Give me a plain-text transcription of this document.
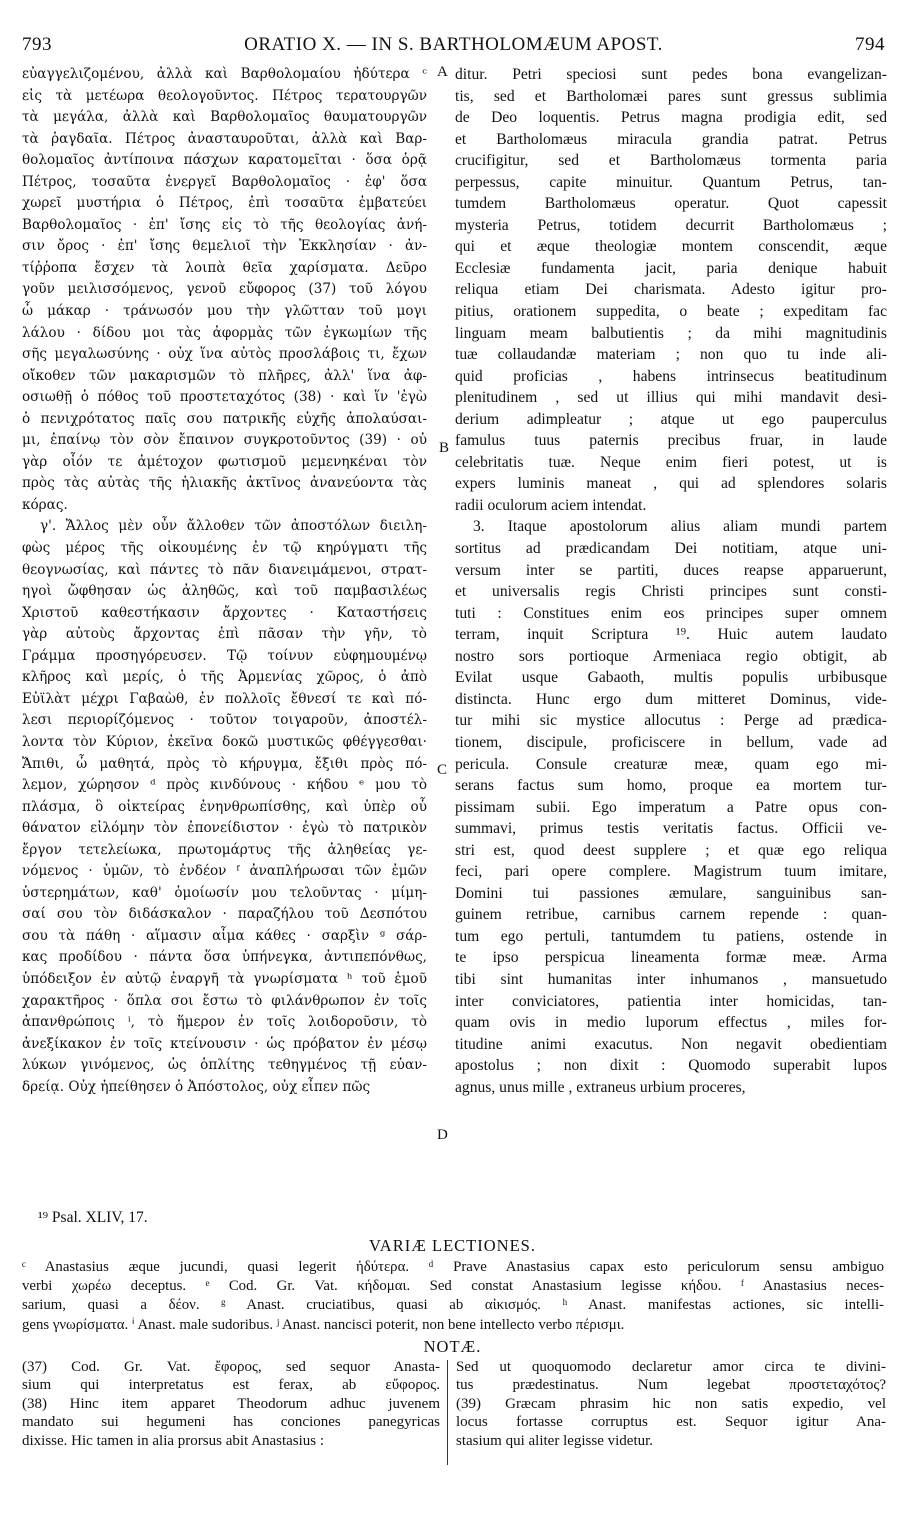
793	ORATIO X. — IN S. BARTHOLOMÆUM APOST.	794
εὐαγγελιζομένου, ἀλλὰ καὶ Βαρθολομαίου ἠδύτερα ᶜ
εἰς τὰ μετέωρα θεολογοῦντος. Πέτρος τερατουργῶν
τὰ μεγάλα, ἀλλὰ καὶ Βαρθολομαῖος θαυματουργῶν
τὰ ῥαγδαῖα. Πέτρος ἀνασταυροῦται, ἀλλὰ καὶ Βαρ-
θολομαῖος ἀντίποινα πάσχων καρατομεῖται · ὅσα ὁρᾷ
Πέτρος, τοσαῦτα ἐνεργεῖ Βαρθολομαῖος · ἐφ' ὅσα
χωρεῖ μυστήρια ὁ Πέτρος, ἐπὶ τοσαῦτα ἐμβατεύει
Βαρθολομαῖος · ἐπ' ἴσης εἰς τὸ τῆς θεολογίας ἀνή-
σιν ὄρος · ἐπ' ἴσης θεμελιοῖ τὴν Ἐκκλησίαν · ἀν-
τίῤῥοπα ἔσχεν τὰ λοιπὰ θεῖα χαρίσματα. Δεῦρο
γοῦν μειλισσόμενος, γενοῦ εὔφορος (37) τοῦ λόγου
ὦ μάκαρ · τράνωσόν μου τὴν γλῶτταν τοῦ μογι
λάλου · δίδου μοι τὰς ἀφορμὰς τῶν ἐγκωμίων τῆς
σῆς μεγαλωσύνης · οὐχ ἵνα αὐτὸς προσλάβοις τι, ἔχων
οἴκοθεν τῶν μακαρισμῶν τὸ πλῆρες, ἀλλ' ἵνα ἀφ-
οσιωθῇ ὁ πόθος τοῦ προστεταχότος (38) · καὶ ἵν 'ἐγὼ
ὁ πενιχρότατος παῖς σου πατρικῆς εὐχῆς ἀπολαύσαι-
μι, ἐπαίνῳ τὸν σὸν ἔπαινον συγκροτοῦντος (39) · οὐ
γὰρ οἷόν τε ἀμέτοχον φωτισμοῦ μεμενηκέναι τὸν
πρὸς τὰς αὐτὰς τῆς ἡλιακῆς ἀκτῖνος ἀνανεύοντα τὰς
κόρας.
γ'. Ἄλλος μὲν οὖν ἄλλοθεν τῶν ἀποστόλων διειλη-
φὼς μέρος τῆς οἰκουμένης ἐν τῷ κηρύγματι τῆς
θεογνωσίας, καὶ πάντες τὸ πᾶν διανειμάμενοι, στρατ-
ηγοὶ ὤφθησαν ὡς ἀληθῶς, καὶ τοῦ παμβασιλέως
Χριστοῦ καθεστήκασιν ἄρχοντες · Καταστήσεις
γὰρ αὐτοὺς ἄρχοντας ἐπὶ πᾶσαν τὴν γῆν, τὸ
Γράμμα προσηγόρευσεν. Τῷ τοίνυν εὐφημουμένῳ
κλῆρος καὶ μερίς, ὁ τῆς Ἀρμενίας χῶρος, ὁ ἀπὸ
Εὐϊλὰτ μέχρι Γαβαὼθ, ἐν πολλοῖς ἔθνεσί τε καὶ πό-
λεσι περιορίζόμενος · τοῦτον τοιγαροῦν, ἀποστέλ-
λοντα τὸν Κύριον, ἐκεῖνα δοκῶ μυστικῶς φθέγγεσθαι·
Ἄπιθι, ὦ μαθητά, πρὸς τὸ κήρυγμα, ἔξιθι πρὸς πό-
λεμον, χώρησον ᵈ πρὸς κινδύνους · κήδου ᵉ μου τὸ
πλάσμα, ὃ οἰκτείρας ἐνηνθρωπίσθης, καὶ ὑπὲρ οὗ
θάνατον εἱλόμην τὸν ἐπονείδιστον · ἐγὼ τὸ πατρικὸν
ἔργον τετελείωκα, πρωτομάρτυς τῆς ἀληθείας γε-
νόμενος · ὑμῶν, τὸ ἐνδέον ᶠ ἀναπλήρωσαι τῶν ἐμῶν
ὑστερημάτων, καθ' ὁμοίωσίν μου τελοῦντας · μίμη-
σαί σου τὸν διδάσκαλον · παραζήλου τοῦ Δεσπότου
σου τὰ πάθη · αἵμασιν αἷμα κάθες · σαρξὶν ᵍ σάρ-
κας προδίδου · πάντα ὅσα ὑπήνεγκα, ἀντιπεπόνθως,
ὑπόδειξον ἐν αὐτῷ ἐναργῆ τὰ γνωρίσματα ʰ τοῦ ἐμοῦ
χαρακτῆρος · ὅπλα σοι ἔστω τὸ φιλάνθρωπον ἐν τοῖς
ἀπανθρώποις ⁱ, τὸ ἥμερον ἐν τοῖς λοιδοροῦσιν, τὸ
ἀνεξίκακον ἐν τοῖς κτείνουσιν · ὡς πρόβατον ἐν μέσῳ
λύκων γινόμενος, ὡς ὁπλίτης τεθηγμένος τῇ εὐαν-
δρείᾳ. Οὐχ ἠπείθησεν ὁ Ἀπόστολος, οὐχ εἶπεν πῶς
ditur. Petri speciosi sunt pedes bona evangelizan-
tis, sed et Bartholomæi pares sunt gressus sublimia
de Deo loquentis. Petrus magna prodigia edit, sed
et Bartholomæus miracula grandia patrat. Petrus
crucifigitur, sed et Bartholomæus tormenta paria
perpessus, capite minuitur. Quantum Petrus, tan-
tumdem Bartholomæus operatur. Quot capessit
mysteria Petrus, totidem decurrit Bartholomæus ;
qui et æque theologiæ montem conscendit, æque
Ecclesiæ fundamenta jacit, paria denique habuit
reliqua etiam Dei charismata. Adesto igitur pro-
pitius, orationem suppedita, o beate ; expeditam fac
linguam meam balbutientis ; da mihi magnitudinis
tuæ collaudandæ materiam ; non quo tu inde ali-
quid proficias , habens intrinsecus beatitudinum
plenitudinem , sed ut illius qui mihi mandavit desi-
derium adimpleatur ; atque ut ego pauperculus
famulus tuus paternis precibus fruar, in laude
celebritatis tuæ. Neque enim fieri potest, ut is
expers luminis maneat , qui ad splendores solaris
radii oculorum aciem intendat.
3. Itaque apostolorum alius aliam mundi partem
sortitus ad prædicandam Dei notitiam, atque uni-
versum inter se partiti, duces reapse apparuerunt,
et universalis regis Christi principes sunt consti-
tuti : Constitues enim eos principes super omnem
terram, inquit Scriptura ¹⁹. Huic autem laudato
nostro sors portioque Armeniaca regio obtigit, ab
Evilat usque Gabaoth, multis populis urbibusque
distincta. Hunc ergo dum mitteret Dominus, vide-
tur mihi sic mystice allocutus : Perge ad prædica-
tionem, discipule, proficiscere in bellum, vade ad
pericula. Consule creaturæ meæ, quam ego mi-
serans factus sum homo, proque ea mortem tur-
pissimam subii. Ego imperatum a Patre opus con-
summavi, primus testis veritatis factus. Officii ve-
stri est, quod deest supplere ; et quæ ego reliqua
feci, pari opere complere. Magistrum tuum imitare,
Domini tui passiones æmulare, sanguinibus san-
guinem retribue, carnibus carnem repende : quan-
tum ego pertuli, tantumdem tu patiens, ostende in
te ipso perspicua lineamenta formæ meæ. Arma
tibi sint humanitas inter inhumanos , mansuetudo
inter conviciatores, patientia inter homicidas, tan-
quam ovis in medio luporum effectus , miles for-
titudine animi exacutus. Non negavit obedientiam
apostolus ; non dixit : Quomodo superabit lupos
agnus, unus mille , extraneus urbium proceres,
A
B
C
D
¹⁹ Psal. XLIV, 17.
VARIÆ LECTIONES.
ᶜ Anastasius æque jucundi, quasi legerit ἡδύτερα. ᵈ Prave Anastasius capax esto periculorum sensu ambiguo
verbi χωρέω deceptus. ᵉ Cod. Gr. Vat. κήδομαι. Sed constat Anastasium legisse κήδου. ᶠ Anastasius neces-
sarium, quasi a δέον. ᵍ Anast. cruciatibus, quasi ab αἰκισμός. ʰ Anast. manifestas actiones, sic intelli-
gens γνωρίσματα. ⁱ Anast. male sudoribus. ʲ Anast. nancisci poterit, non bene intellecto verbo πέρισμι.
NOTÆ.
(37) Cod. Gr. Vat. ἔφορος, sed sequor Anasta-
sium qui interpretatus est ferax, ab εὔφορος.
(38) Hinc item apparet Theodorum adhuc juvenem
mandato sui hegumeni has conciones panegyricas
dixisse. Hic tamen in alia prorsus abit Anastasius :
Sed ut quoquomodo declaretur amor circa te divini-
tus prædestinatus. Num legebat προστεταχότος?
(39) Græcam phrasim hic non satis expedio, vel
locus fortasse corruptus est. Sequor igitur Ana-
stasium qui aliter legisse videtur.
